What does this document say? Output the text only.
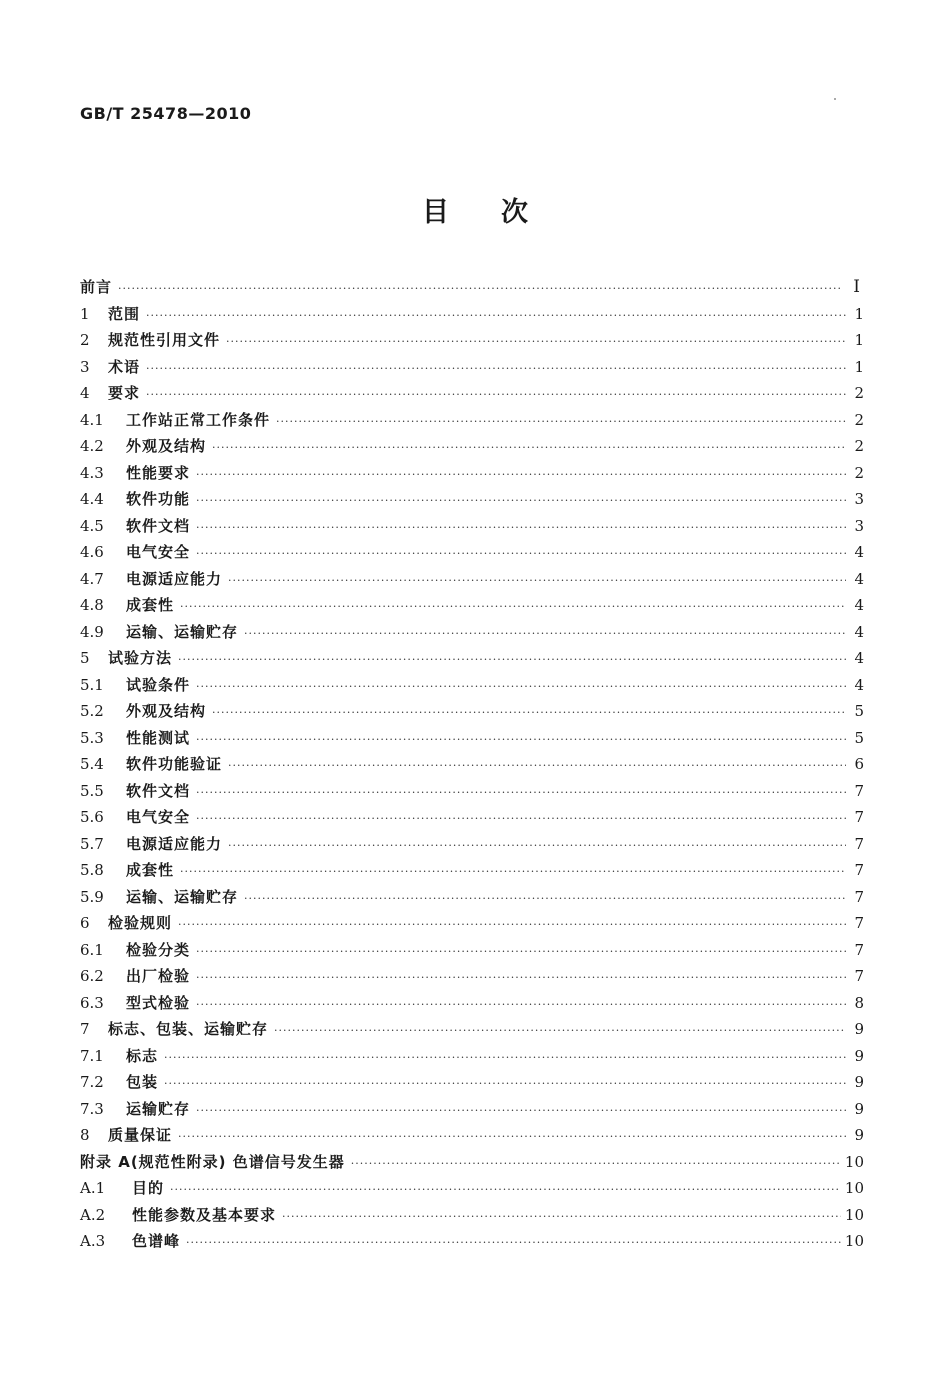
GB/T 25478—2010
目次
前言 ·····	I
1	范围 ·····	1
2	规范性引用文件 ·····	1
3	术语 ·····	1
4	要求 ·····	2
4.1	工作站正常工作条件 ·····	2
4.2	外观及结构 ·····	2
4.3	性能要求 ·····	2
4.4	软件功能 ·····	3
4.5	软件文档 ·····	3
4.6	电气安全 ·····	4
4.7	电源适应能力 ·····	4
4.8	成套性 ·····	4
4.9	运输、运输贮存 ·····	4
5	试验方法 ·····	4
5.1	试验条件 ·····	4
5.2	外观及结构 ·····	5
5.3	性能测试 ·····	5
5.4	软件功能验证 ·····	6
5.5	软件文档 ·····	7
5.6	电气安全 ·····	7
5.7	电源适应能力 ·····	7
5.8	成套性 ·····	7
5.9	运输、运输贮存 ·····	7
6	检验规则 ·····	7
6.1	检验分类 ·····	7
6.2	出厂检验 ·····	7
6.3	型式检验 ·····	8
7	标志、包装、运输贮存 ·····	9
7.1	标志 ·····	9
7.2	包装 ·····	9
7.3	运输贮存 ·····	9
8	质量保证 ·····	9
附录 A(规范性附录) 色谱信号发生器 ·····	10
A.1	目的 ·····	10
A.2	性能参数及基本要求 ·····	10
A.3	色谱峰 ·····	10
